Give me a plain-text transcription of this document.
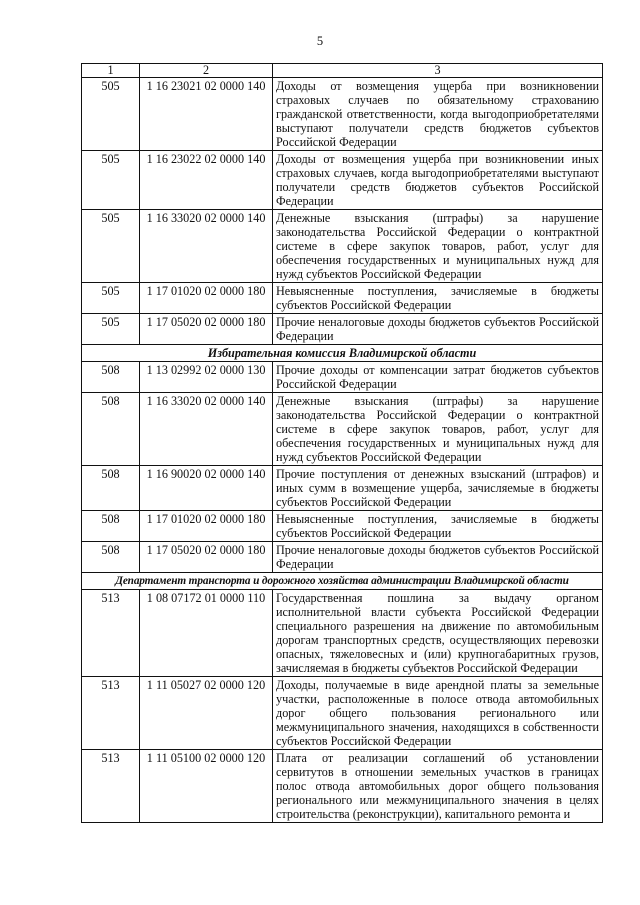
5
1	2	3
505	1 16 23021 02 0000 140	Доходы от возмещения ущерба при возникновении страховых случаев по обязательному страхованию гражданской ответственности, когда выгодоприобретателями выступают получатели средств бюджетов субъектов Российской Федерации
505	1 16 23022 02 0000 140	Доходы от возмещения ущерба при возникновении иных страховых случаев, когда выгодоприобретателями выступают получатели средств бюджетов субъектов Российской Федерации
505	1 16 33020 02 0000 140	Денежные взыскания (штрафы) за нарушение законодательства Российской Федерации о контрактной системе в сфере закупок товаров, работ, услуг для обеспечения государственных и муниципальных нужд для нужд субъектов Российской Федерации
505	1 17 01020 02 0000 180	Невыясненные поступления, зачисляемые в бюджеты субъектов Российской Федерации
505	1 17 05020 02 0000 180	Прочие неналоговые доходы бюджетов субъектов Российской Федерации
Избирательная комиссия Владимирской области		
508	1 13 02992 02 0000 130	Прочие доходы от компенсации затрат бюджетов субъектов Российской Федерации
508	1 16 33020 02 0000 140	Денежные взыскания (штрафы) за нарушение законодательства Российской Федерации о контрактной системе в сфере закупок товаров, работ, услуг для обеспечения государственных и муниципальных нужд для нужд субъектов Российской Федерации
508	1 16 90020 02 0000 140	Прочие поступления от денежных взысканий (штрафов) и иных сумм в возмещение ущерба, зачисляемые в бюджеты субъектов Российской Федерации
508	1 17 01020 02 0000 180	Невыясненные поступления, зачисляемые в бюджеты субъектов Российской Федерации
508	1 17 05020 02 0000 180	Прочие неналоговые доходы бюджетов субъектов Российской Федерации
Департамент транспорта и дорожного хозяйства администрации Владимирской области		
513	1 08 07172 01 0000 110	Государственная пошлина за выдачу органом исполнительной власти субъекта Российской Федерации специального разрешения на движение по автомобильным дорогам транспортных средств, осуществляющих перевозки опасных, тяжеловесных и (или) крупногабаритных грузов, зачисляемая в бюджеты субъектов Российской Федерации
513	1 11 05027 02 0000 120	Доходы, получаемые в виде арендной платы за земельные участки, расположенные в полосе отвода автомобильных дорог общего пользования регионального или межмуниципального значения, находящихся в собственности субъектов Российской Федерации
513	1 11 05100 02 0000 120	Плата от реализации соглашений об установлении сервитутов в отношении земельных участков в границах полос отвода автомобильных дорог общего пользования регионального или межмуниципального значения в целях строительства (реконструкции), капитального ремонта и
